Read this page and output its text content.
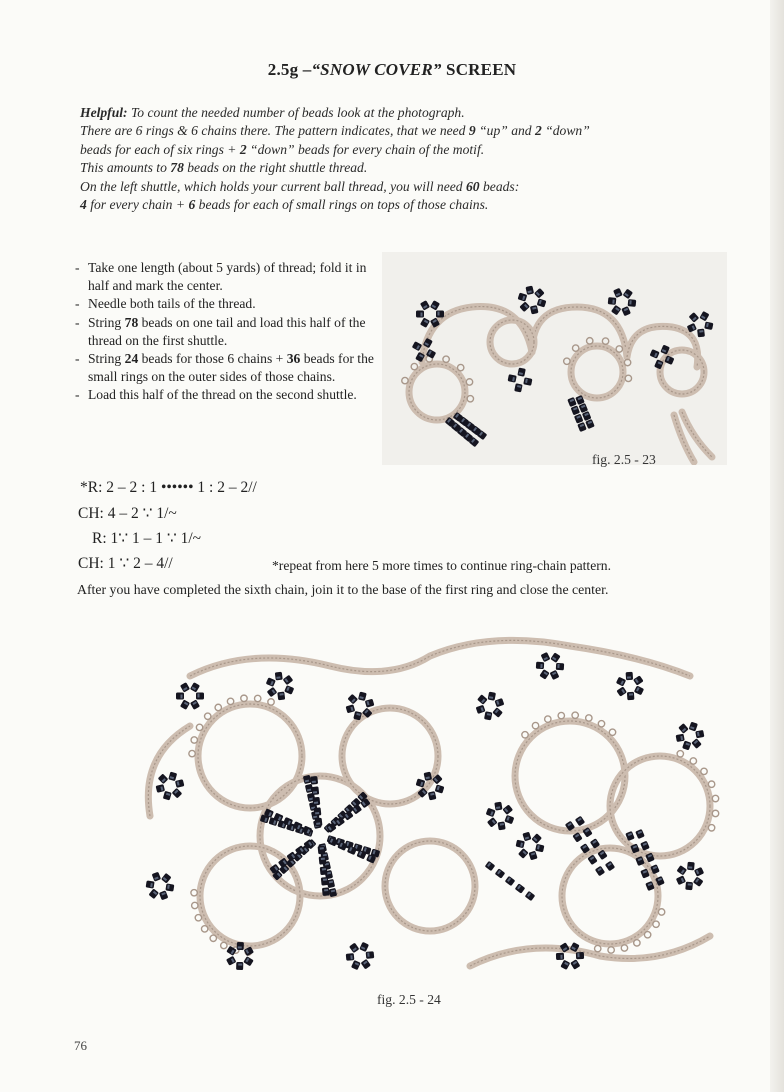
2.5g –“SNOW COVER” SCREEN

Helpful: To count the needed number of beads look at the photograph.

There are 6 rings & 6 chains there. The pattern indicates, that we need 9 “up” and 2 “down”

beads for each of six rings + 2 “down” beads for every chain of the motif.

This amounts to 78 beads on the right shuttle thread.

On the left shuttle, which holds your current ball thread, you will need 60 beads:

4 for every chain + 6 beads for each of small rings on tops of those chains.

- Take one length (about 5 yards) of thread; fold it in half and mark the center.
- Needle both tails of the thread.
- String 78 beads on one tail and load this half of the thread on the first shuttle.
- String 24 beads for those 6 chains + 36 beads for the small rings on the outer sides of those chains.
- Load this half of the thread on the second shuttle.
fig. 2.5 - 23
*R: 2 – 2 : 1 •••••• 1 : 2 – 2//
CH: 4 – 2 ∵ 1/~
R: 1∵ 1 – 1 ∵ 1/~
CH: 1 ∵ 2 – 4//	*repeat from here 5 more times to continue ring-chain pattern.
After you have completed the sixth chain, join it to the base of the first ring and close the center.
fig. 2.5 - 24
76
